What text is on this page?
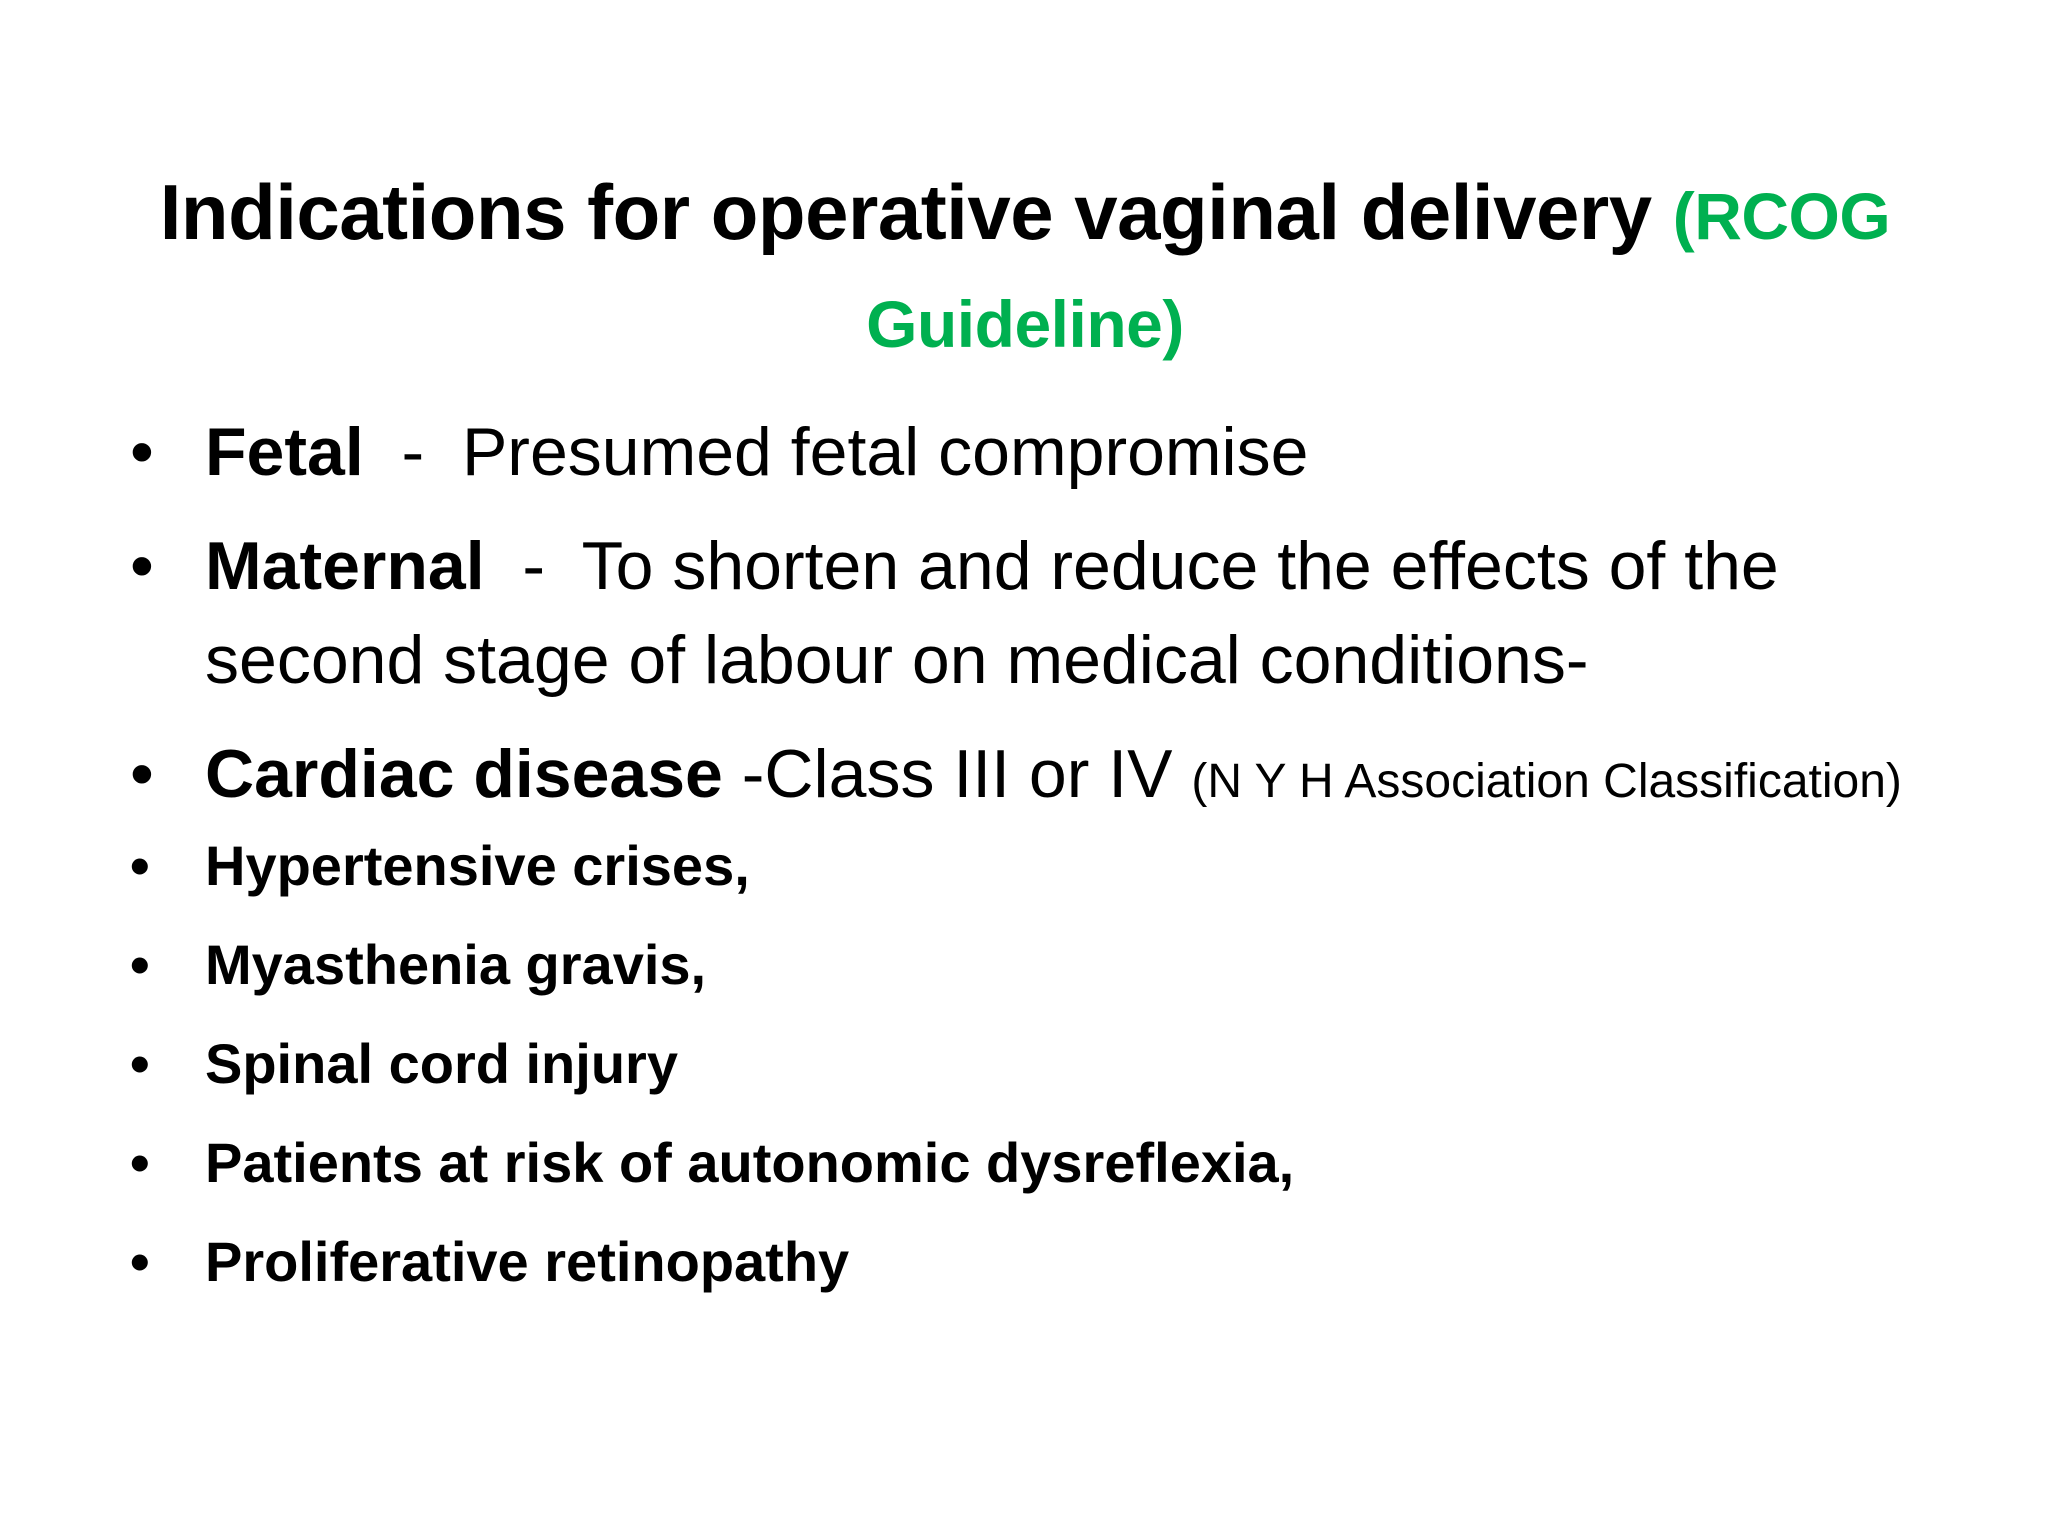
Indications for operative vaginal delivery (RCOG Guideline)
• Fetal  -  Presumed fetal compromise
• Maternal  -  To shorten and reduce the effects of the second stage of labour on medical conditions-
• Cardiac disease -Class III or IV (N Y H Association Classification)
• Hypertensive crises,
• Myasthenia gravis,
• Spinal cord injury
• Patients at risk of autonomic dysreflexia,
• Proliferative retinopathy
